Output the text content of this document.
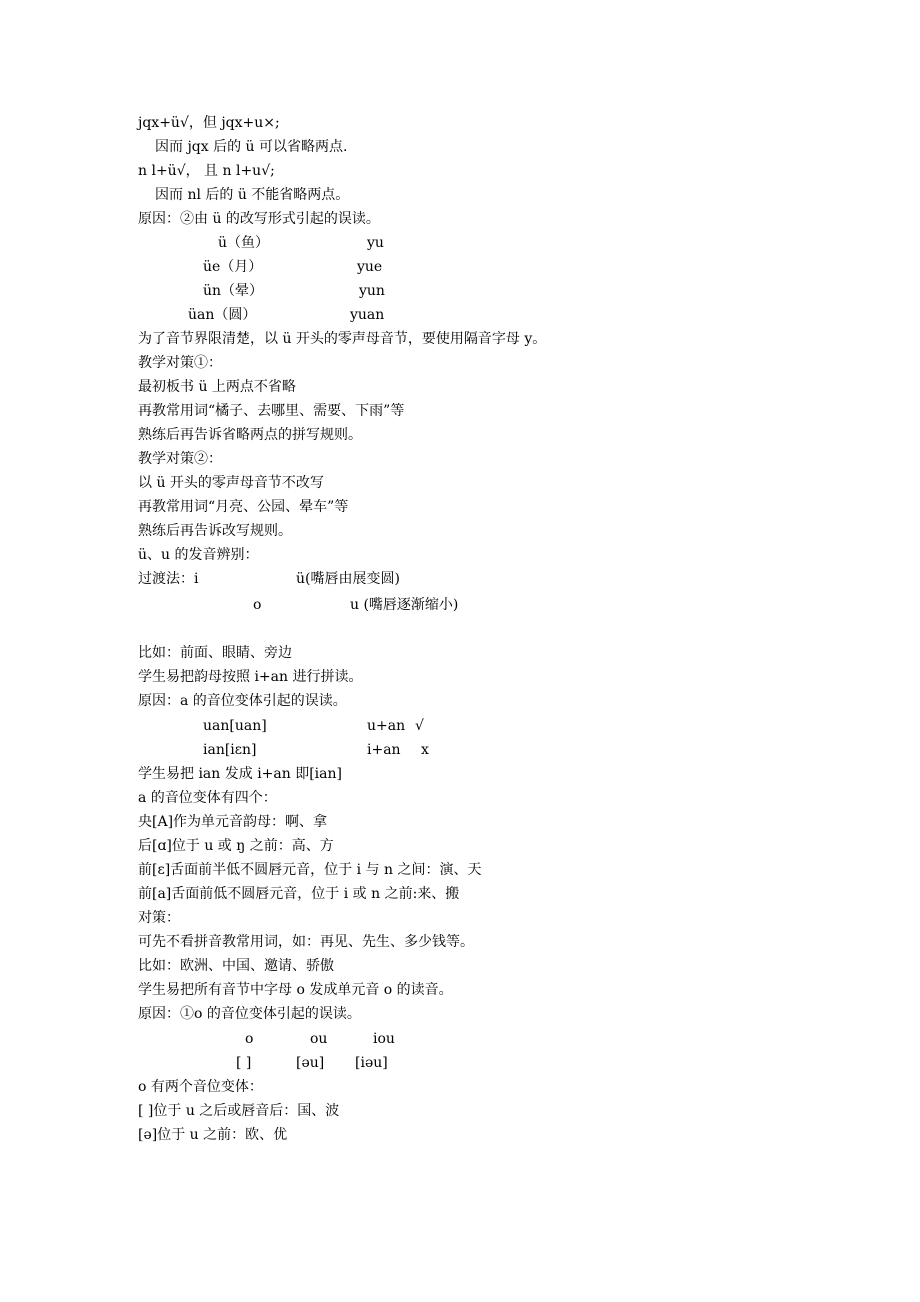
jqx+ü√，但 jqx+u×;
因而 jqx 后的 ü 可以省略两点.
n l+ü√， 且 n l+u√;
因而 nl 后的 ü 不能省略两点。
原因：②由 ü 的改写形式引起的误读。
ü（鱼）	yu
üe（月）	yue
ün（晕）	yun
üan（圆）	yuan
为了音节界限清楚，以 ü 开头的零声母音节，要使用隔音字母 y。
教学对策①：
最初板书 ü 上两点不省略
再教常用词“橘子、去哪里、需要、下雨”等
熟练后再告诉省略两点的拼写规则。
教学对策②：
以 ü 开头的零声母音节不改写
再教常用词“月亮、公园、晕车”等
熟练后再告诉改写规则。
ü、u 的发音辨别：
过渡法：i	ü(嘴唇由展变圆)
o	u (嘴唇逐渐缩小)
比如：前面、眼睛、旁边
学生易把韵母按照 i+an 进行拼读。
原因：a 的音位变体引起的误读。
uan[uan]	u+an √
ian[iɛn]	i+an x
学生易把 ian 发成 i+an 即[ian]
a 的音位变体有四个：
央[A]作为单元音韵母：啊、拿
后[ɑ]位于 u 或 ŋ 之前：高、方
前[ɛ]舌面前半低不圆唇元音，位于 i 与 n 之间：演、天
前[a]舌面前低不圆唇元音，位于 i 或 n 之前:来、搬
对策：
可先不看拼音教常用词，如：再见、先生、多少钱等。
比如：欧洲、中国、邀请、骄傲
学生易把所有音节中字母 o 发成单元音 o 的读音。
原因：①o 的音位变体引起的误读。
o	ou	iou
[ ]	[əu] [iəu]
o 有两个音位变体：
[ ]位于 u 之后或唇音后：国、波
[ə]位于 u 之前：欧、优
